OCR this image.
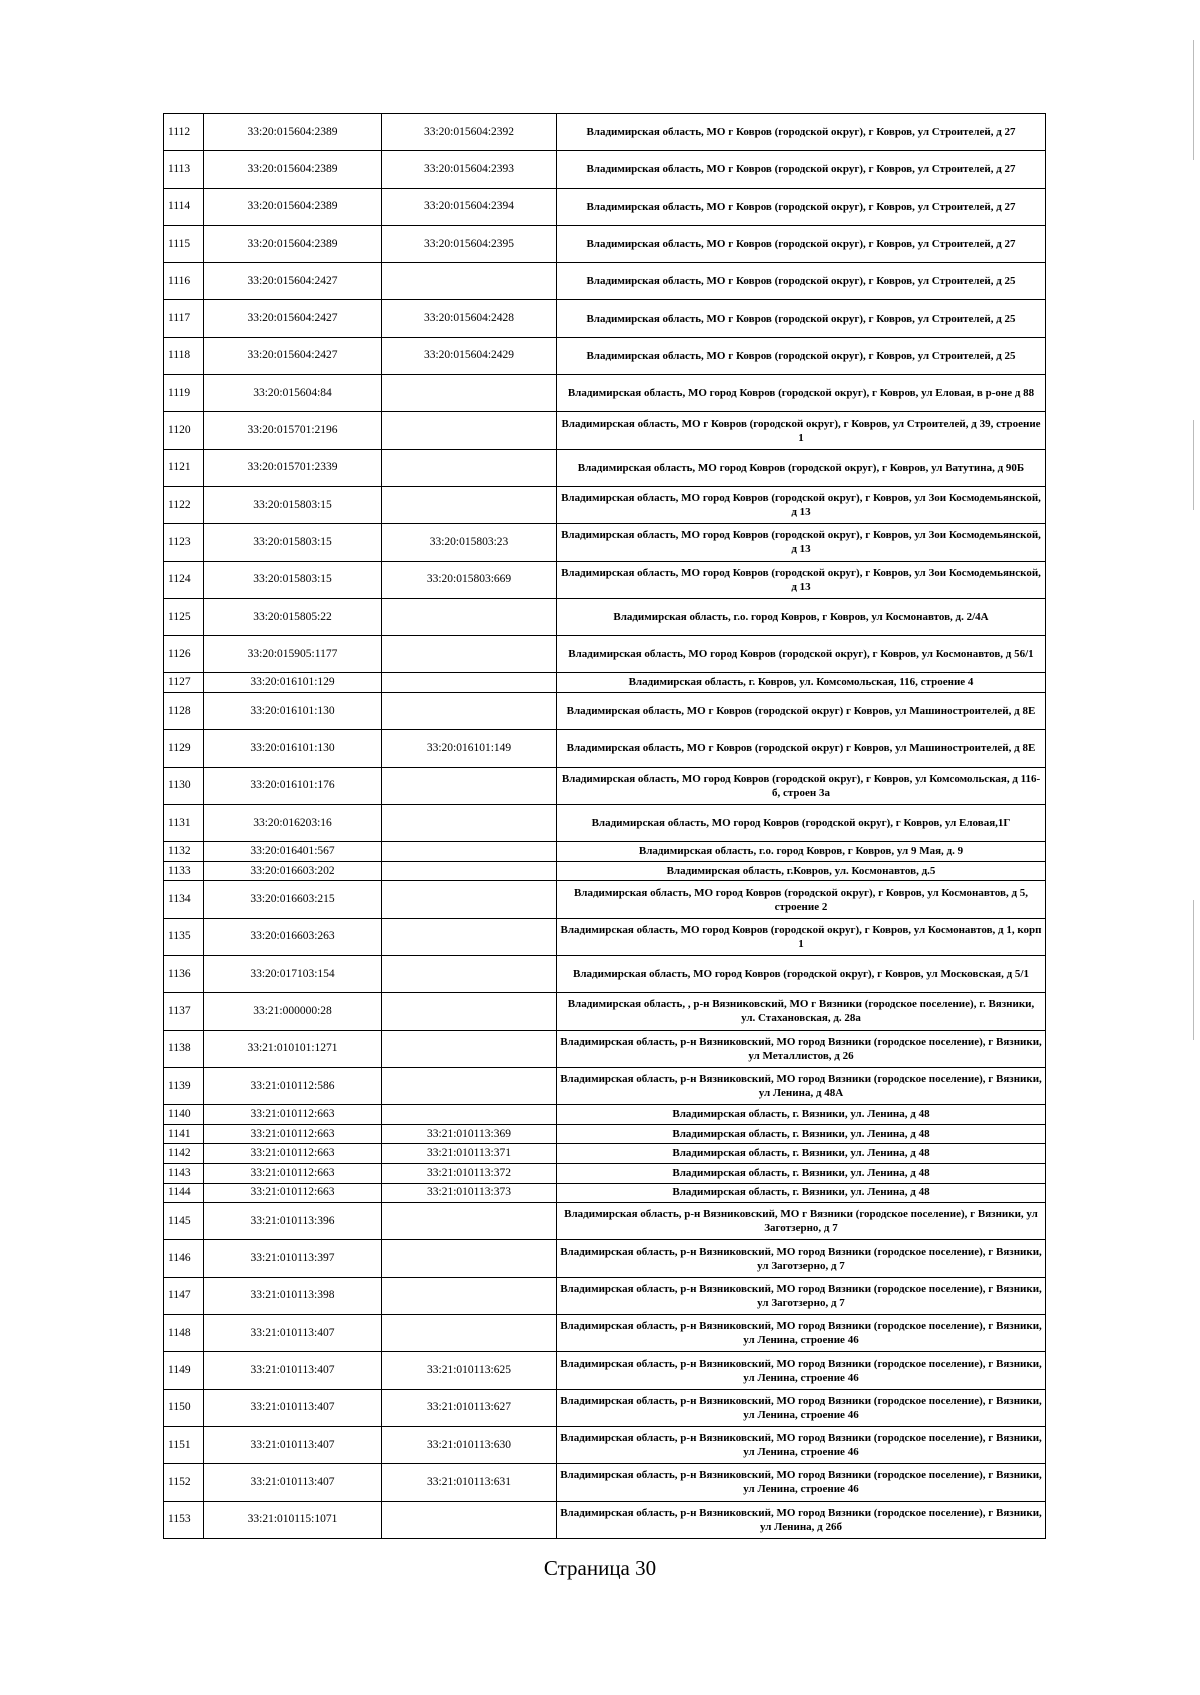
1112	33:20:015604:2389	33:20:015604:2392	Владимирская область, МО г Ковров (городской округ), г Ковров, ул Строителей, д 27
1113	33:20:015604:2389	33:20:015604:2393	Владимирская область, МО г Ковров (городской округ), г Ковров, ул Строителей, д 27
1114	33:20:015604:2389	33:20:015604:2394	Владимирская область, МО г Ковров (городской округ), г Ковров, ул Строителей, д 27
1115	33:20:015604:2389	33:20:015604:2395	Владимирская область, МО г Ковров (городской округ), г Ковров, ул Строителей, д 27
1116	33:20:015604:2427		Владимирская область, МО г Ковров (городской округ), г Ковров, ул Строителей, д 25
1117	33:20:015604:2427	33:20:015604:2428	Владимирская область, МО г Ковров (городской округ), г Ковров, ул Строителей, д 25
1118	33:20:015604:2427	33:20:015604:2429	Владимирская область, МО г Ковров (городской округ), г Ковров, ул Строителей, д 25
1119	33:20:015604:84		Владимирская область, МО город Ковров (городской округ), г Ковров, ул Еловая, в р-оне д 88
1120	33:20:015701:2196		Владимирская область, МО г Ковров (городской округ), г Ковров, ул Строителей, д 39, строение 1
1121	33:20:015701:2339		Владимирская область, МО город Ковров (городской округ), г Ковров, ул Ватутина, д 90Б
1122	33:20:015803:15		Владимирская область, МО город Ковров (городской округ), г Ковров, ул Зои Космодемьянской, д 13
1123	33:20:015803:15	33:20:015803:23	Владимирская область, МО город Ковров (городской округ), г Ковров, ул Зои Космодемьянской, д 13
1124	33:20:015803:15	33:20:015803:669	Владимирская область, МО город Ковров (городской округ), г Ковров, ул Зои Космодемьянской, д 13
1125	33:20:015805:22		Владимирская область, г.о. город Ковров, г Ковров, ул Космонавтов, д. 2/4А
1126	33:20:015905:1177		Владимирская область, МО город Ковров (городской округ), г Ковров, ул Космонавтов, д 56/1
1127	33:20:016101:129		Владимирская область, г. Ковров, ул. Комсомольская, 116, строение 4
1128	33:20:016101:130		Владимирская область, МО г Ковров (городской округ) г Ковров, ул Машиностроителей, д 8Е
1129	33:20:016101:130	33:20:016101:149	Владимирская область, МО г Ковров (городской округ) г Ковров, ул Машиностроителей, д 8Е
1130	33:20:016101:176		Владимирская область, МО город Ковров (городской округ), г Ковров, ул Комсомольская, д 116-б, строен 3а
1131	33:20:016203:16		Владимирская область, МО город Ковров (городской округ), г Ковров, ул Еловая,1Г
1132	33:20:016401:567		Владимирская область, г.о. город Ковров, г Ковров, ул 9 Мая, д. 9
1133	33:20:016603:202		Владимирская область, г.Ковров, ул. Космонавтов, д.5
1134	33:20:016603:215		Владимирская область, МО город Ковров (городской округ), г Ковров, ул Космонавтов, д 5, строение 2
1135	33:20:016603:263		Владимирская область, МО город Ковров (городской округ), г Ковров, ул Космонавтов, д 1, корп 1
1136	33:20:017103:154		Владимирская область, МО город Ковров (городской округ), г Ковров, ул Московская, д 5/1
1137	33:21:000000:28		Владимирская область, , р-н Вязниковский, МО г Вязники (городское поселение), г. Вязники, ул. Стахановская, д. 28а
1138	33:21:010101:1271		Владимирская область, р-н Вязниковский, МО город Вязники (городское поселение), г Вязники, ул Металлистов, д 26
1139	33:21:010112:586		Владимирская область, р-н Вязниковский, МО город Вязники (городское поселение), г Вязники, ул Ленина, д 48А
1140	33:21:010112:663		Владимирская область, г. Вязники, ул. Ленина, д 48
1141	33:21:010112:663	33:21:010113:369	Владимирская область, г. Вязники, ул. Ленина, д 48
1142	33:21:010112:663	33:21:010113:371	Владимирская область, г. Вязники, ул. Ленина, д 48
1143	33:21:010112:663	33:21:010113:372	Владимирская область, г. Вязники, ул. Ленина, д 48
1144	33:21:010112:663	33:21:010113:373	Владимирская область, г. Вязники, ул. Ленина, д 48
1145	33:21:010113:396		Владимирская область, р-н Вязниковский, МО г Вязники (городское поселение), г Вязники, ул Заготзерно, д 7
1146	33:21:010113:397		Владимирская область, р-н Вязниковский, МО город Вязники (городское поселение), г Вязники, ул Заготзерно, д 7
1147	33:21:010113:398		Владимирская область, р-н Вязниковский, МО город Вязники (городское поселение), г Вязники, ул Заготзерно, д 7
1148	33:21:010113:407		Владимирская область, р-н Вязниковский, МО город Вязники (городское поселение), г Вязники, ул Ленина, строение 46
1149	33:21:010113:407	33:21:010113:625	Владимирская область, р-н Вязниковский, МО город Вязники (городское поселение), г Вязники, ул Ленина, строение 46
1150	33:21:010113:407	33:21:010113:627	Владимирская область, р-н Вязниковский, МО город Вязники (городское поселение), г Вязники, ул Ленина, строение 46
1151	33:21:010113:407	33:21:010113:630	Владимирская область, р-н Вязниковский, МО город Вязники (городское поселение), г Вязники, ул Ленина, строение 46
1152	33:21:010113:407	33:21:010113:631	Владимирская область, р-н Вязниковский, МО город Вязники (городское поселение), г Вязники, ул Ленина, строение 46
1153	33:21:010115:1071		Владимирская область, р-н Вязниковский, МО город Вязники (городское поселение), г Вязники, ул Ленина, д 26б
Страница 30
